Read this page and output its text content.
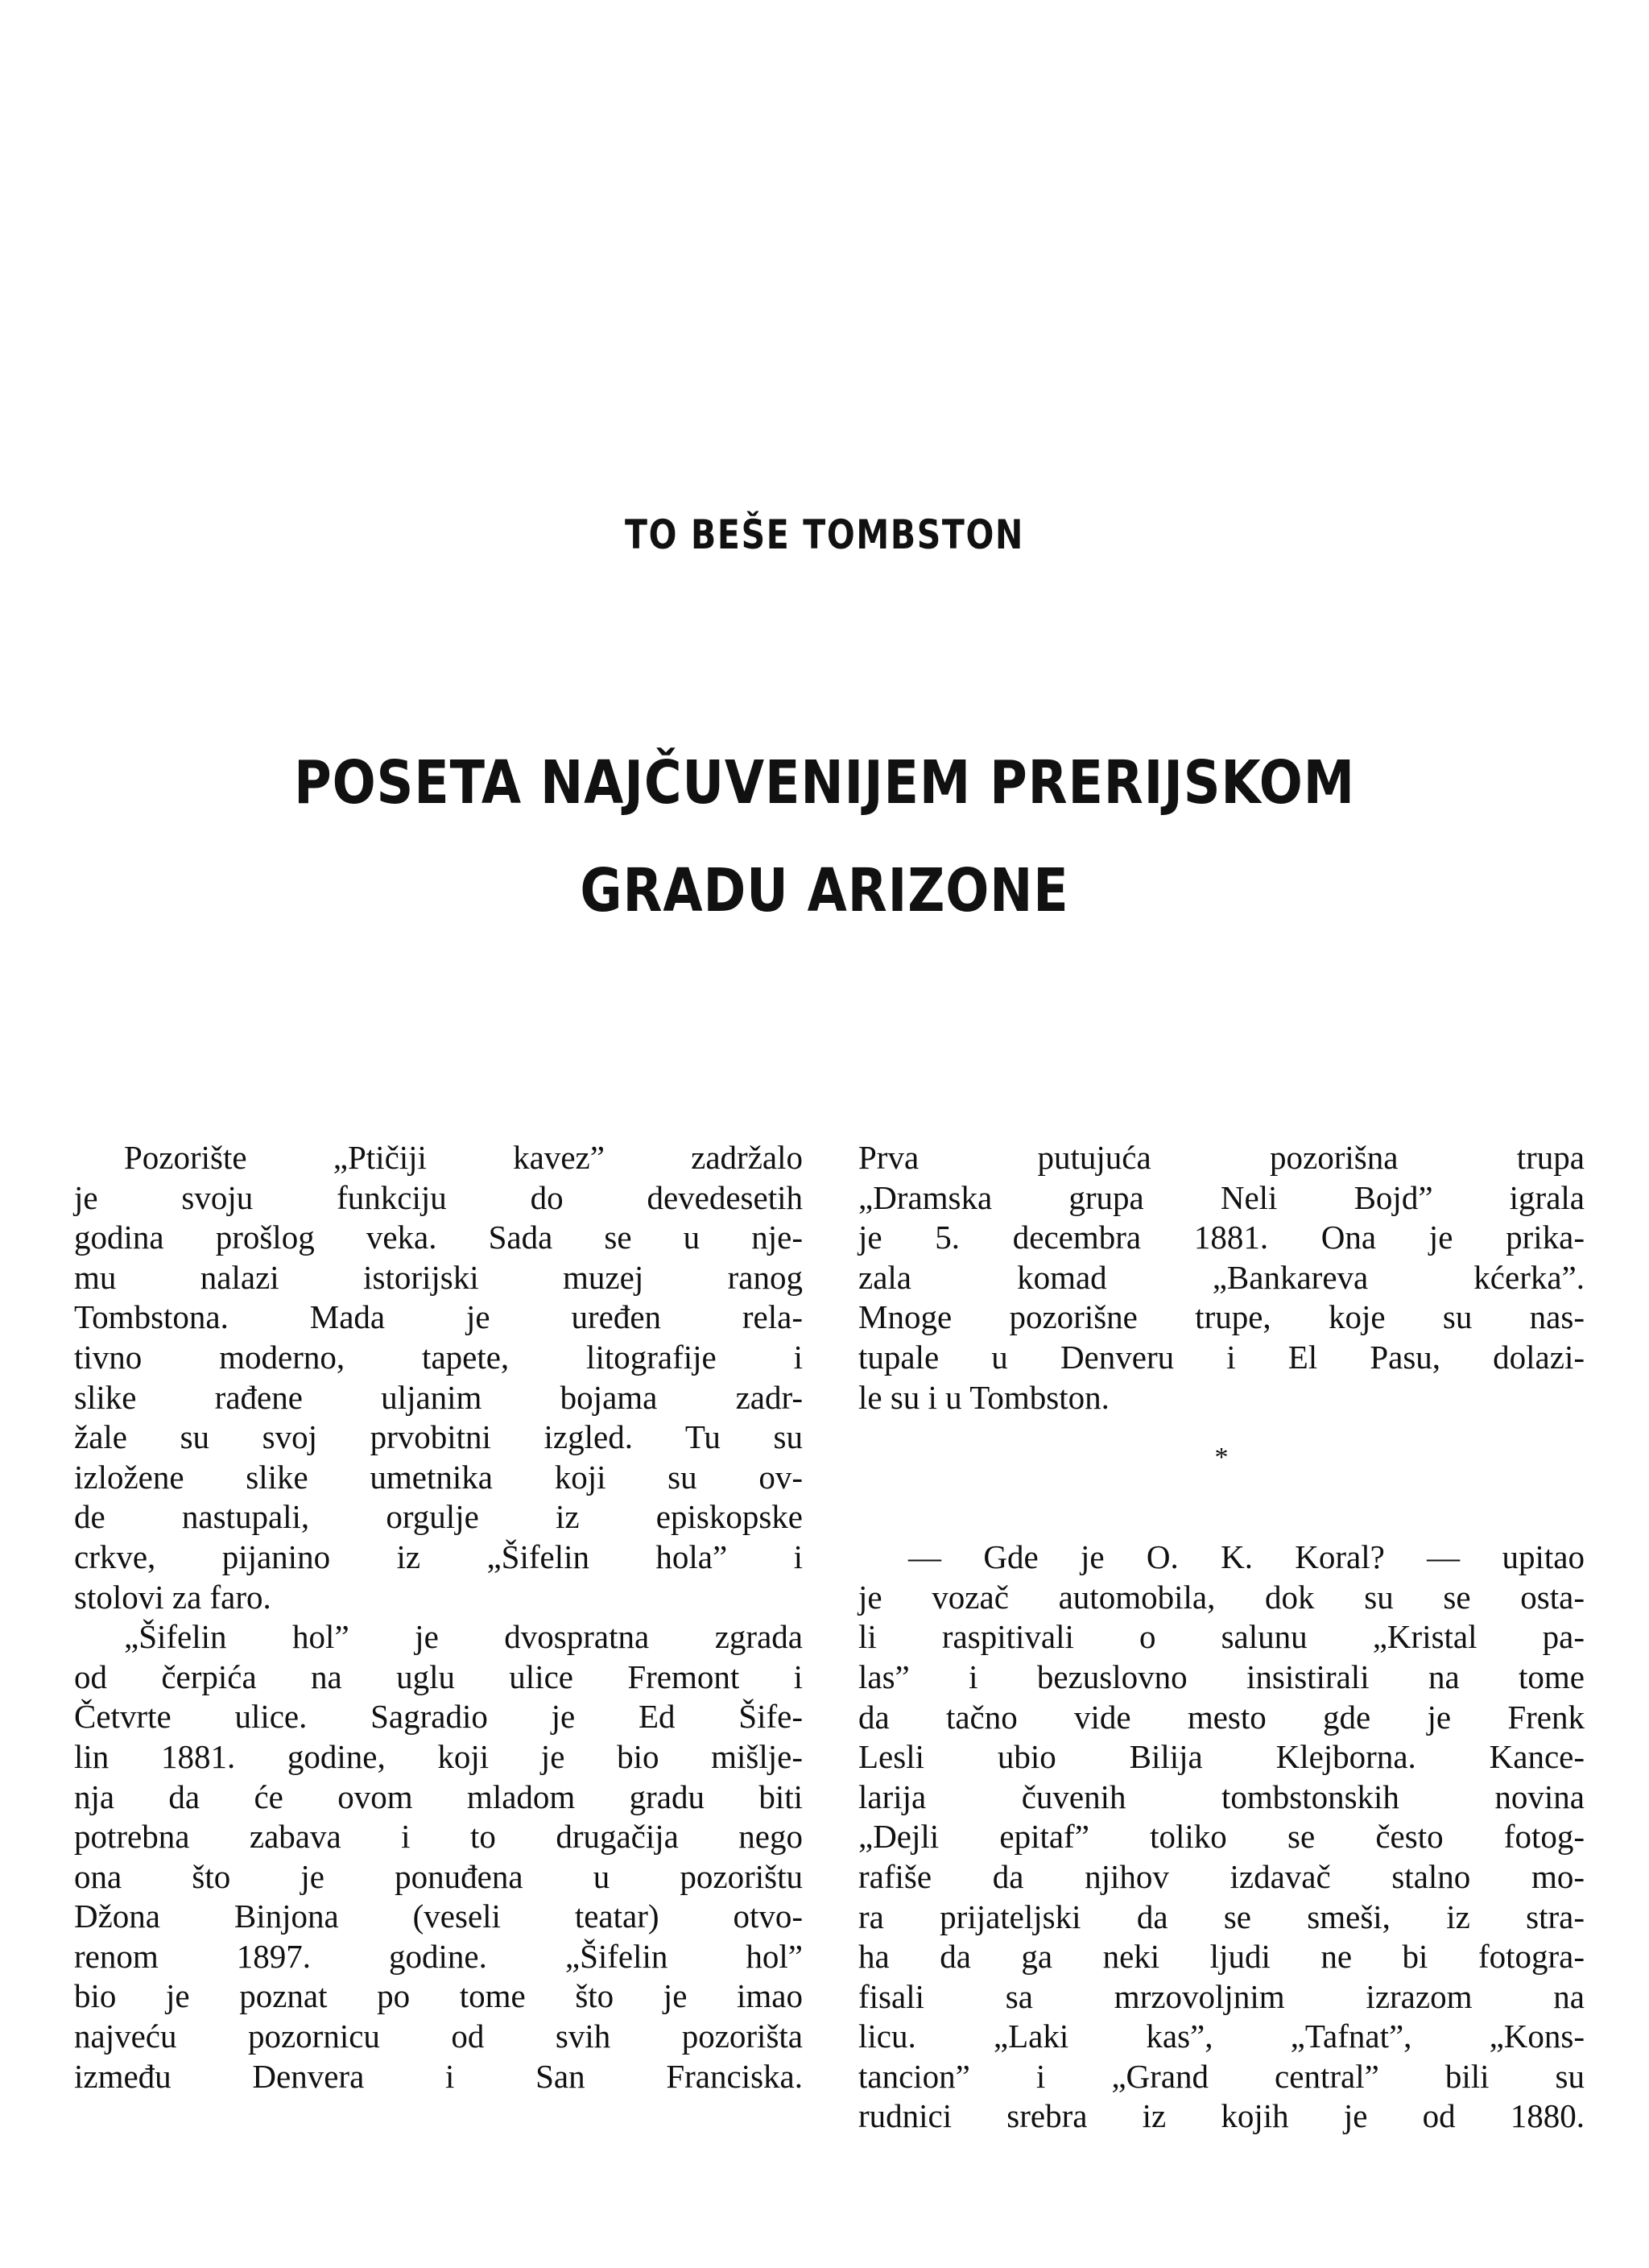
TO BEŠE TOMBSTON
POSETA NAJČUVENIJEM PRERIJSKOM
GRADU ARIZONE
Pozorište „Ptičiji kavez” zadržalo
je svoju funkciju do devedesetih
godina prošlog veka. Sada se u nje-
mu nalazi istorijski muzej ranog
Tombstona. Mada je uređen rela-
tivno moderno, tapete, litografije i
slike rađene uljanim bojama zadr-
žale su svoj prvobitni izgled. Tu su
izložene slike umetnika koji su ov-
de nastupali, orgulje iz episkopske
crkve, pijanino iz „Šifelin hola” i
stolovi za faro.
„Šifelin hol” je dvospratna zgrada
od čerpića na uglu ulice Fremont i
Četvrte ulice. Sagradio je Ed Šife-
lin 1881. godine, koji je bio mišlje-
nja da će ovom mladom gradu biti
potrebna zabava i to drugačija nego
ona što je ponuđena u pozorištu
Džona Binjona (veseli teatar) otvo-
renom 1897. godine. „Šifelin hol”
bio je poznat po tome što je imao
najveću pozornicu od svih pozorišta
između Denvera i San Franciska.
Prva putujuća pozorišna trupa
„Dramska grupa Neli Bojd” igrala
je 5. decembra 1881. Ona je prika-
zala komad „Bankareva kćerka”.
Mnoge pozorišne trupe, koje su nas-
tupale u Denveru i El Pasu, dolazi-
le su i u Tombston.
*
— Gde je O. K. Koral? — upitao
je vozač automobila, dok su se osta-
li raspitivali o salunu „Kristal pa-
las” i bezuslovno insistirali na tome
da tačno vide mesto gde je Frenk
Lesli ubio Bilija Klejborna. Kance-
larija čuvenih tombstonskih novina
„Dejli epitaf” toliko se često fotog-
rafiše da njihov izdavač stalno mo-
ra prijateljski da se smeši, iz stra-
ha da ga neki ljudi ne bi fotogra-
fisali sa mrzovoljnim izrazom na
licu. „Laki kas”, „Tafnat”, „Kons-
tancion” i „Grand central” bili su
rudnici srebra iz kojih je od 1880.
